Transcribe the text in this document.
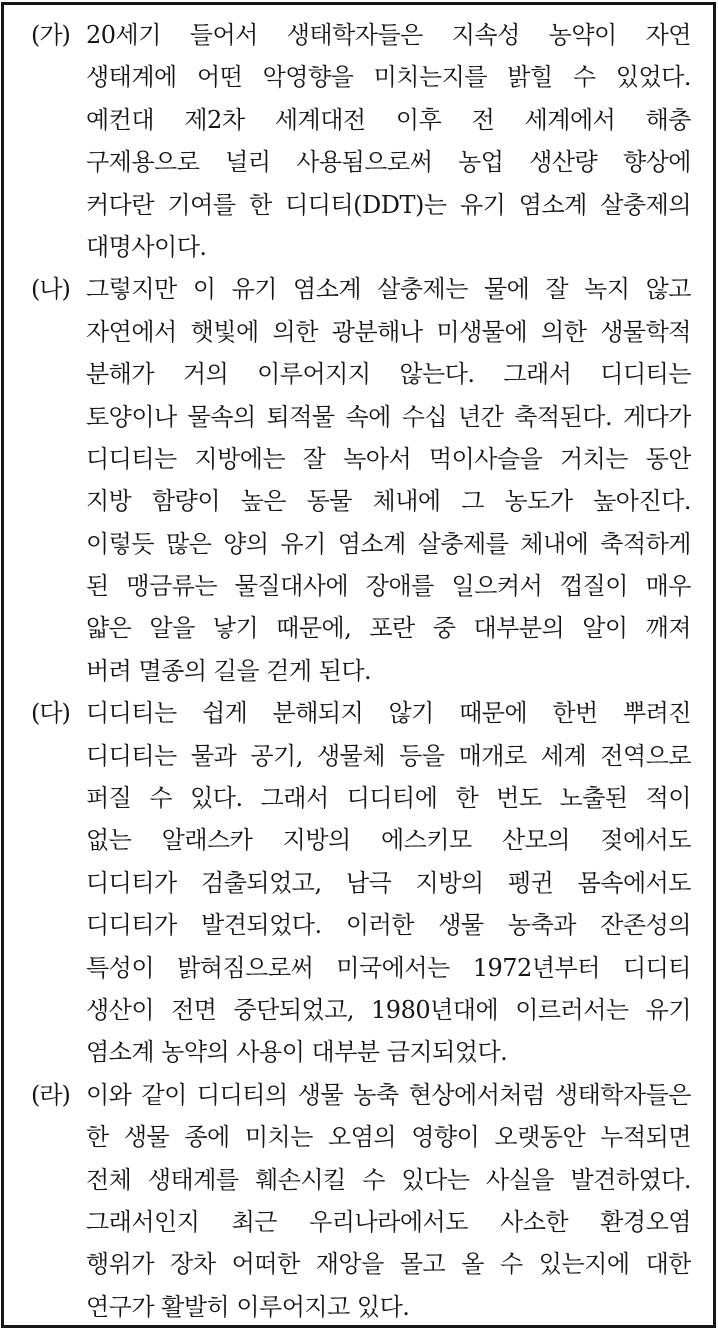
(가) 20세기 들어서 생태학자들은 지속성 농약이 자연
생태계에 어떤 악영향을 미치는지를 밝힐 수 있었다.
예컨대 제2차 세계대전 이후 전 세계에서 해충
구제용으로 널리 사용됨으로써 농업 생산량 향상에
커다란 기여를 한 디디티(DDT)는 유기 염소계 살충제의
대명사이다.
(나) 그렇지만 이 유기 염소계 살충제는 물에 잘 녹지 않고
자연에서 햇빛에 의한 광분해나 미생물에 의한 생물학적
분해가 거의 이루어지지 않는다. 그래서 디디티는
토양이나 물속의 퇴적물 속에 수십 년간 축적된다. 게다가
디디티는 지방에는 잘 녹아서 먹이사슬을 거치는 동안
지방 함량이 높은 동물 체내에 그 농도가 높아진다.
이렇듯 많은 양의 유기 염소계 살충제를 체내에 축적하게
된 맹금류는 물질대사에 장애를 일으켜서 껍질이 매우
얇은 알을 낳기 때문에, 포란 중 대부분의 알이 깨져
버려 멸종의 길을 걷게 된다.
(다) 디디티는 쉽게 분해되지 않기 때문에 한번 뿌려진
디디티는 물과 공기, 생물체 등을 매개로 세계 전역으로
퍼질 수 있다. 그래서 디디티에 한 번도 노출된 적이
없는 알래스카 지방의 에스키모 산모의 젖에서도
디디티가 검출되었고, 남극 지방의 펭귄 몸속에서도
디디티가 발견되었다. 이러한 생물 농축과 잔존성의
특성이 밝혀짐으로써 미국에서는 1972년부터 디디티
생산이 전면 중단되었고, 1980년대에 이르러서는 유기
염소계 농약의 사용이 대부분 금지되었다.
(라) 이와 같이 디디티의 생물 농축 현상에서처럼 생태학자들은
한 생물 종에 미치는 오염의 영향이 오랫동안 누적되면
전체 생태계를 훼손시킬 수 있다는 사실을 발견하였다.
그래서인지 최근 우리나라에서도 사소한 환경오염
행위가 장차 어떠한 재앙을 몰고 올 수 있는지에 대한
연구가 활발히 이루어지고 있다.
